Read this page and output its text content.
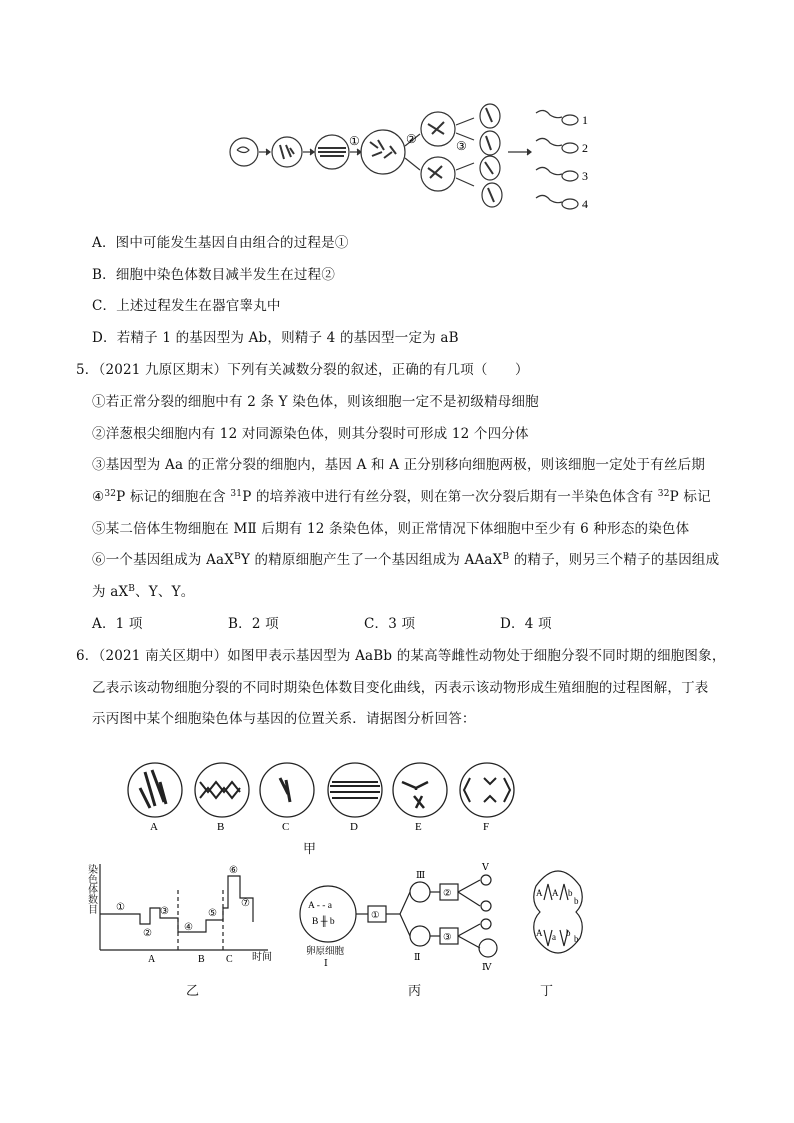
①	②	③
1
2
3
4
A．图中可能发生基因自由组合的过程是①
B．细胞中染色体数目减半发生在过程②
C．上述过程发生在器官睾丸中
D．若精子 1 的基因型为 Ab，则精子 4 的基因型一定为 aB
5．（2021 九原区期末）下列有关减数分裂的叙述，正确的有几项（　　）
①若正常分裂的细胞中有 2 条 Y 染色体，则该细胞一定不是初级精母细胞
②洋葱根尖细胞内有 12 对同源染色体，则其分裂时可形成 12 个四分体
③基因型为 Aa 的正常分裂的细胞内，基因 A 和 A 正分别移向细胞两极，则该细胞一定处于有丝后期
④$^{32}$P 标记的细胞在含 $^{31}$P 的培养液中进行有丝分裂，则在第一次分裂后期有一半染色体含有 $^{32}$P 标记
⑤某二倍体生物细胞在 MⅡ 后期有 12 条染色体，则正常情况下体细胞中至少有 6 种形态的染色体
⑥一个基因组成为 AaX$^B$Y 的精原细胞产生了一个基因组成为 AAaX$^B$ 的精子，则另三个精子的基因组成
为 $aX^B$、Y、Y。
A．1 项	B．2 项	C．3 项	D．4 项
6．（2021 南关区期中）如图甲表示基因型为 AaBb 的某高等雌性动物处于细胞分裂不同时期的细胞图象，
乙表示该动物细胞分裂的不同时期染色体数目变化曲线，丙表示该动物形成生殖细胞的过程图解，丁表
示丙图中某个细胞染色体与基因的位置关系．请据图分析回答：
A	B	C	D	E	F
甲
①
②
③
④
⑤
⑥
⑦
A	B C 时间
染色体数目
乙
A - - a
B ╫ b
卵原细胞
Ⅰ
①
②
③
Ⅱ
Ⅲ
Ⅳ
Ⅴ
丙
A A b
b
A a b
b
丁
